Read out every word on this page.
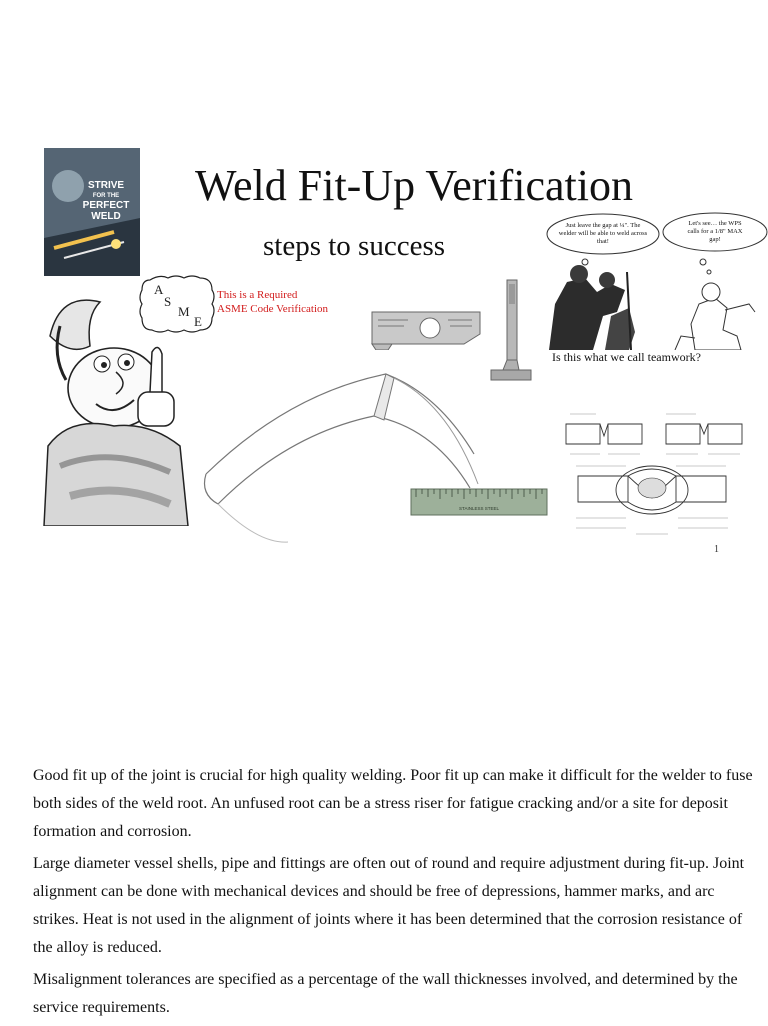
Weld Fit-Up Verification
steps to success
STRIVE
FOR THE
PERFECT
WELD
A
S
M
E
This is a Required
ASME Code Verification
Just leave the gap at ¼". The
welder will be able to weld across
that!
Let's see… the WPS
calls for a 1/8" MAX
gap!
Is this what we call teamwork?
STAINLESS STEEL
1

Good fit up of the joint is crucial for high quality welding. Poor fit up can make it difficult for the welder to fuse both sides of the weld root. An unfused root can be a stress riser for fatigue cracking and/or a site for deposit formation and corrosion.

Large diameter vessel shells, pipe and fittings are often out of round and require adjustment during fit-up. Joint alignment can be done with mechanical devices and should be free of depressions, hammer marks, and arc strikes. Heat is not used in the alignment of joints where it has been determined that the corrosion resistance of the alloy is reduced.

Misalignment tolerances are specified as a percentage of the wall thicknesses involved, and determined by the service requirements.
